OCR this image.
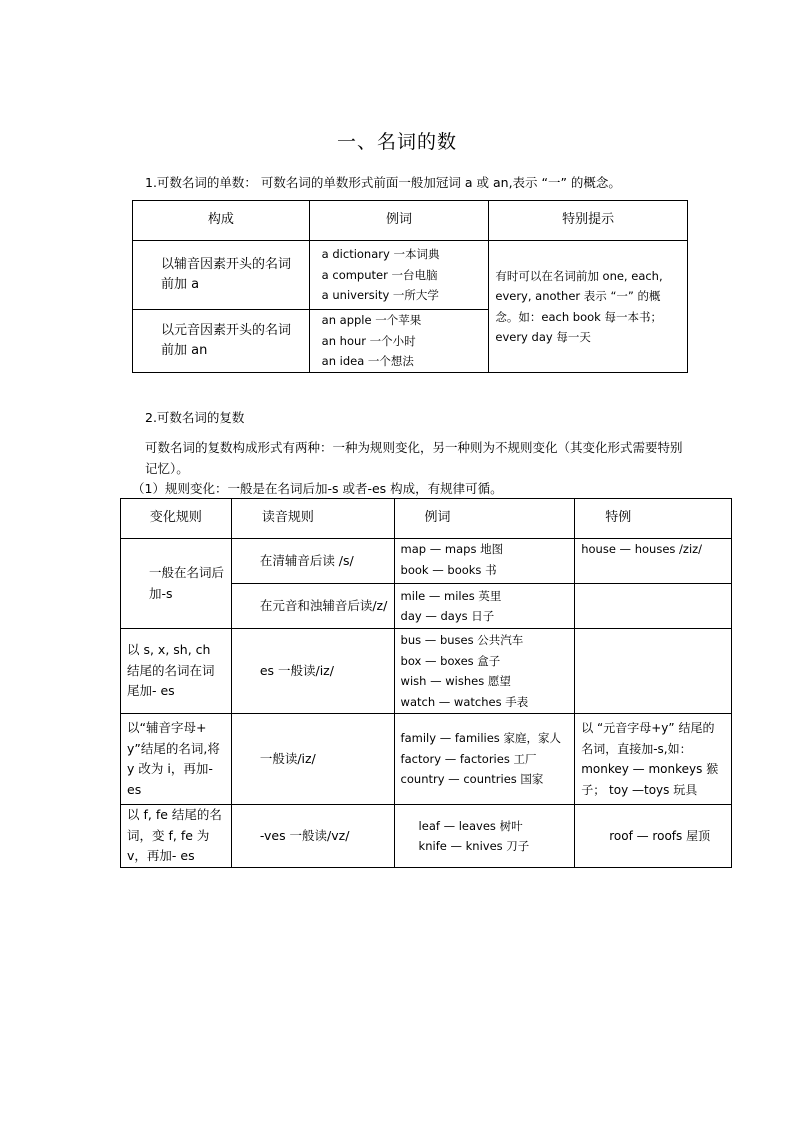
一、名词的数
1.可数名词的单数： 可数名词的单数形式前面一般加冠词 a 或 an,表示 “一” 的概念。
构成	例词	特别提示
以辅音因素开头的名词前加 a	a dictionary 一本词典
a computer 一台电脑
a university 一所大学	有时可以在名词前加 one, each, every, another 表示 “一” 的概念。如：each book 每一本书； every day 每一天
以元音因素开头的名词前加 an	an apple 一个苹果
an hour 一个小时
an idea 一个想法	
2.可数名词的复数
可数名词的复数构成形式有两种：一种为规则变化，另一种则为不规则变化（其变化形式需要特别记忆）。
（1）规则变化：一般是在名词后加-s 或者-es 构成，有规律可循。
变化规则	读音规则	例词	特例
一般在名词后加-s	在清辅音后读 /s/	map — maps 地图
book — books 书	house — houses /ziz/
	在元音和浊辅音后读/z/	mile — miles 英里
day — days 日子	

以 s, x, sh, ch 结尾的名词在词尾加- es	es 一般读/iz/	bus — buses 公共汽车
box — boxes 盒子
wish — wishes 愿望
watch — watches 手表	

以“辅音字母+ y”结尾的名词,将 y 改为 i，再加-es	一般读/iz/	family — families 家庭，家人
factory — factories 工厂
country — countries 国家	以 “元音字母+y” 结尾的名词，直接加-s,如：monkey — monkeys 猴子； toy —toys 玩具
以 f, fe 结尾的名词，变 f, fe 为 v，再加- es	-ves 一般读/vz/	leaf — leaves 树叶
knife — knives 刀子	roof — roofs 屋顶
